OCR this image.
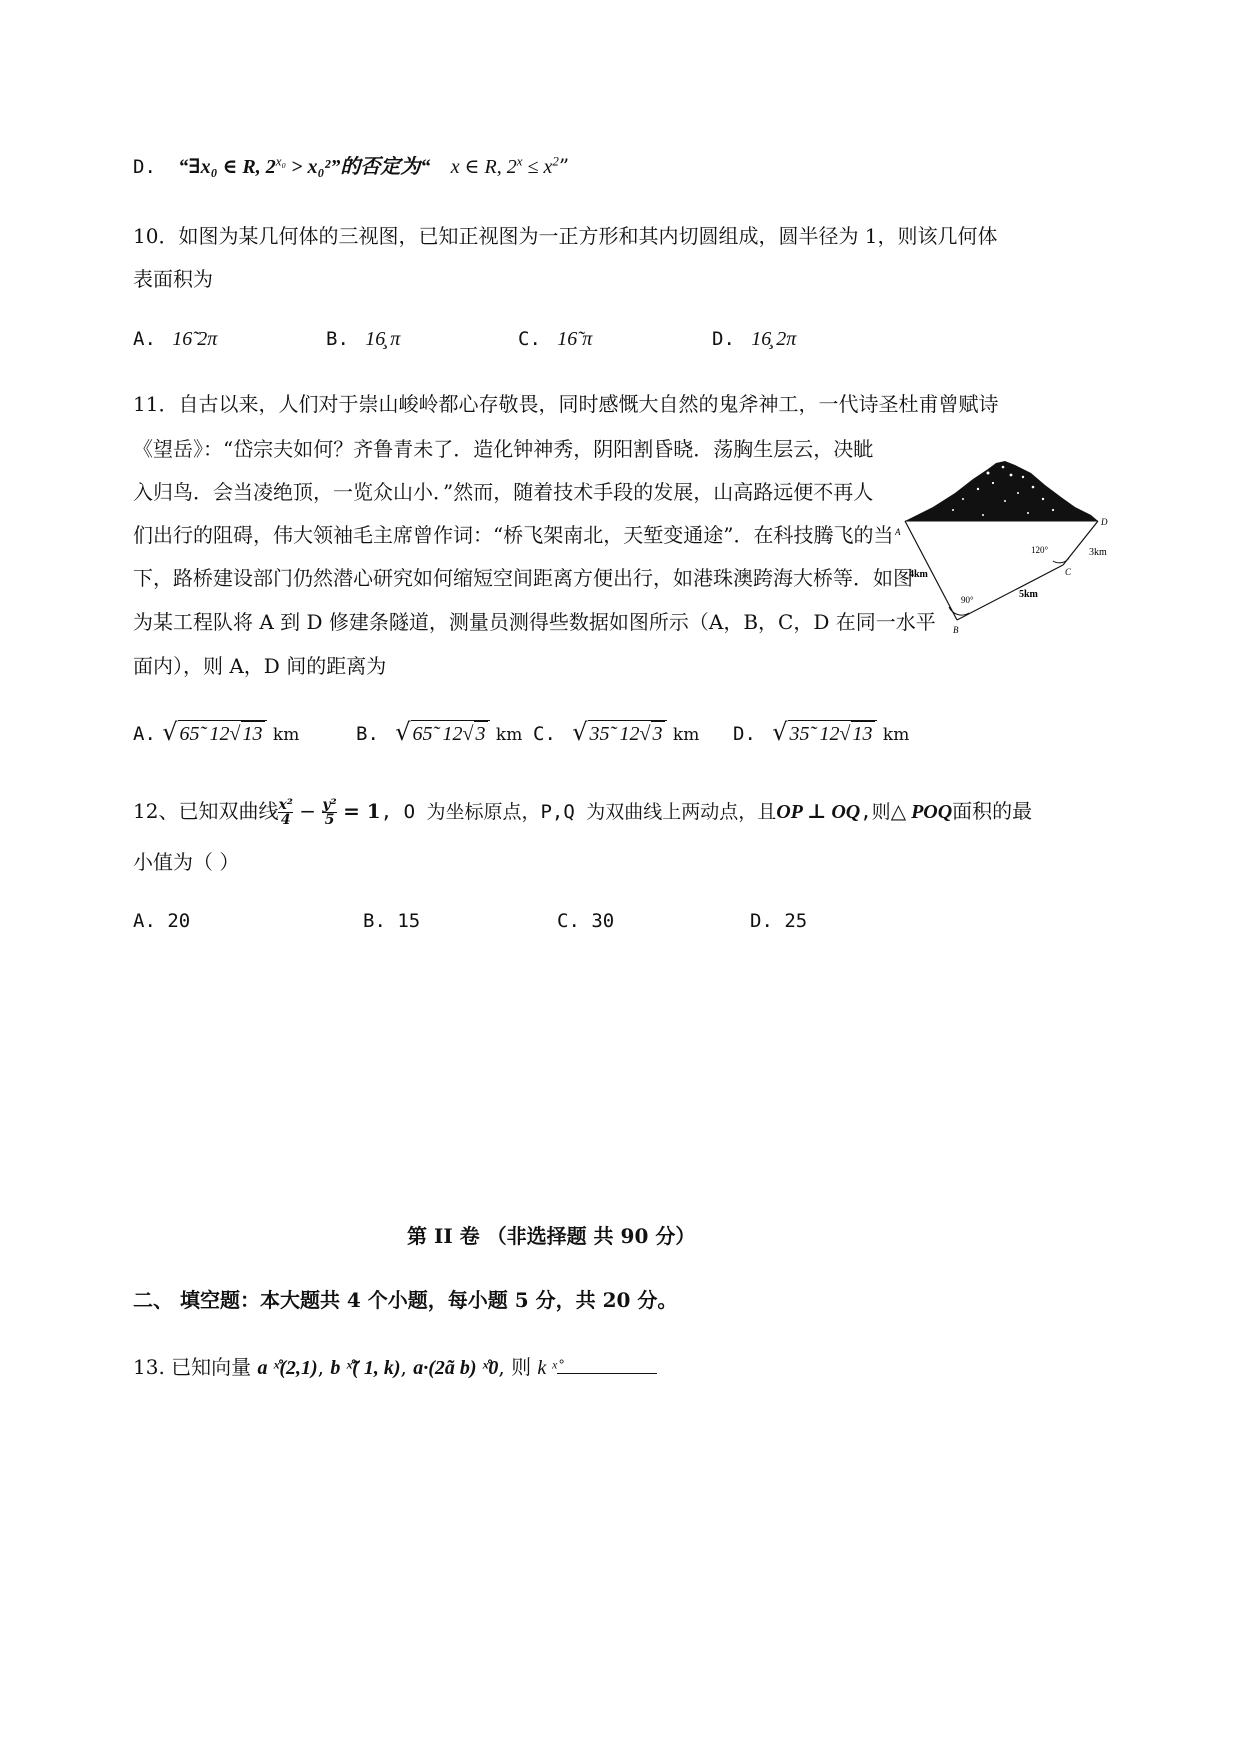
D. “∃x₀ ∈ R, $2^{x_0} > x_0^2$”的否定为“ x ∈ R, $2^x \le x^2$”
10．如图为某几何体的三视图，已知正视图为一正方形和其内切圆组成，圆半径为 1，则该几何体
表面积为
A. 16̃ 2π	B. 16̧ π	C. 16̃ π	D. 16̧ 2π
11．自古以来，人们对于崇山峻岭都心存敬畏，同时感慨大自然的鬼斧神工，一代诗圣杜甫曾赋诗
《望岳》：“岱宗夫如何？齐鲁青未了．造化钟神秀，阴阳割昏晓．荡胸生层云，决眦
入归鸟．会当凌绝顶，一览众山小．”然而，随着技术手段的发展，山高路远便不再人
们出行的阻碍，伟大领袖毛主席曾作词：“桥飞架南北，天堑变通途”．在科技腾飞的当
下，路桥建设部门仍然潜心研究如何缩短空间距离方便出行，如港珠澳跨海大桥等．如图
为某工程队将 A 到 D 修建条隧道，测量员测得些数据如图所示（A，B，C，D 在同一水平
面内），则 A，D 间的距离为
A
D
B
C
4km
5km
3km
90°
120°
A. √ 65̃ 12√ 13 km	B. √ 65̃ 12√ 3 km C. √ 35̃ 12√ 3 km D. √ 35̃ 12√ 13 km
12、已知双曲线 $\frac{\text{x²}}{4} - \frac{\text{y²}}{5} = 1$, O 为坐标原点，P,Q 为双曲线上两动点，且OP ⊥ OQ,则△ POQ面积的最
小值为（ ）
A. 20	B. 15	C. 30	D. 25
第 II 卷 （非选择题 共 90 分）
二、 填空题：本大题共 4 个小题，每小题 5 分，共 20 分。
13. 已知向量 a ˣ̊(2,1), b ˣ̊̃( 1, k), a·(2ã b) ˣ̊0, 则 k ˣ̊
